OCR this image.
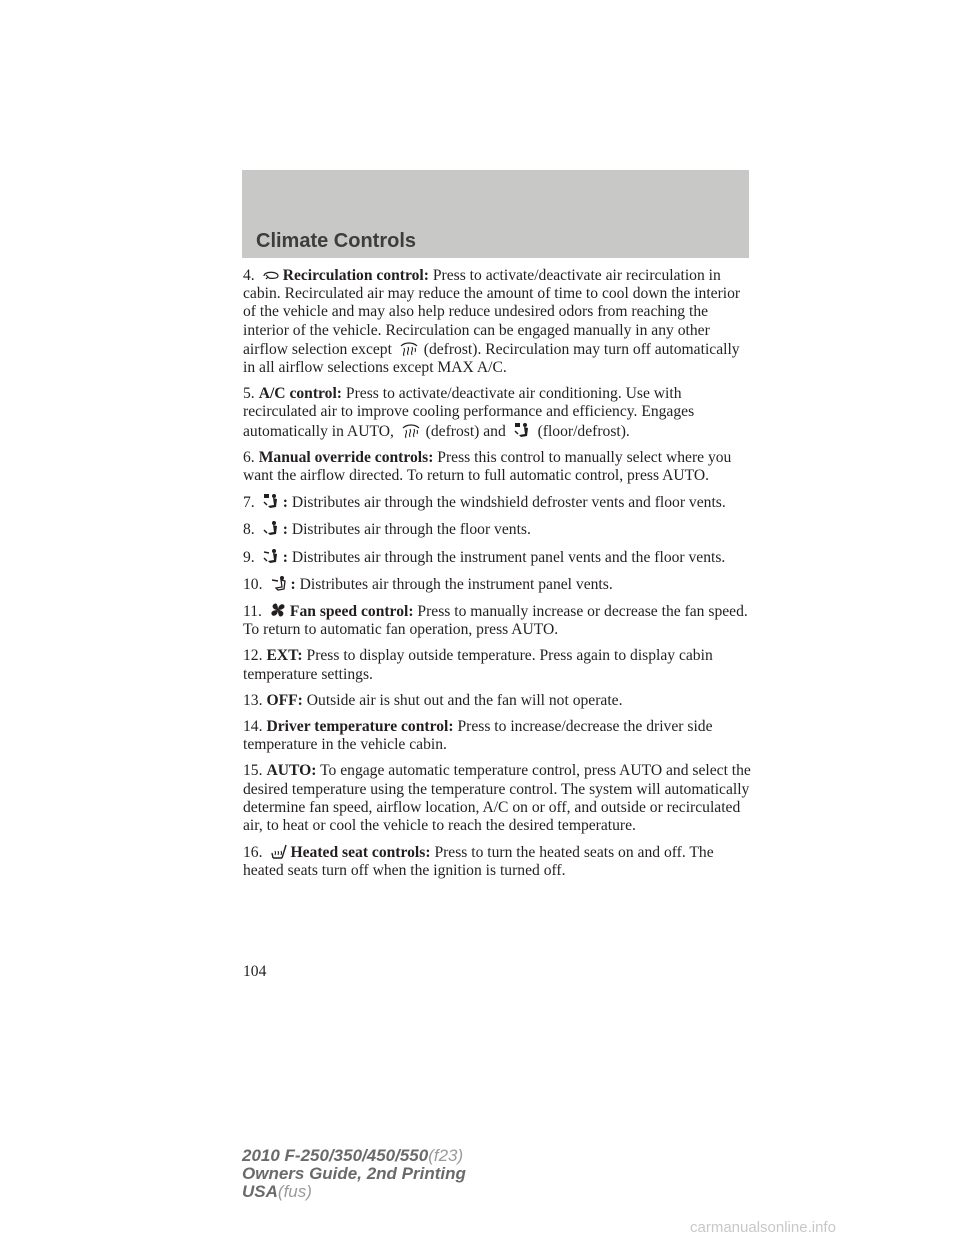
Climate Controls

4. Recirculation control: Press to activate/deactivate air recirculation in cabin. Recirculated air may reduce the amount of time to cool down the interior of the vehicle and may also help reduce undesired odors from reaching the interior of the vehicle. Recirculation can be engaged manually in any other airflow selection except (defrost). Recirculation may turn off automatically in all airflow selections except MAX A/C.

5. A/C control: Press to activate/deactivate air conditioning. Use with recirculated air to improve cooling performance and efficiency. Engages automatically in AUTO, (defrost) and (floor/defrost).

6. Manual override controls: Press this control to manually select where you want the airflow directed. To return to full automatic control, press AUTO.

7. : Distributes air through the windshield defroster vents and floor vents.

8. : Distributes air through the floor vents.

9. : Distributes air through the instrument panel vents and the floor vents.

10. : Distributes air through the instrument panel vents.

11. Fan speed control: Press to manually increase or decrease the fan speed. To return to automatic fan operation, press AUTO.

12. EXT: Press to display outside temperature. Press again to display cabin temperature settings.

13. OFF: Outside air is shut out and the fan will not operate.

14. Driver temperature control: Press to increase/decrease the driver side temperature in the vehicle cabin.

15. AUTO: To engage automatic temperature control, press AUTO and select the desired temperature using the temperature control. The system will automatically determine fan speed, airflow location, A/C on or off, and outside or recirculated air, to heat or cool the vehicle to reach the desired temperature.

16. Heated seat controls: Press to turn the heated seats on and off. The heated seats turn off when the ignition is turned off.

104
2010 F-250/350/450/550(f23)
Owners Guide, 2nd Printing
USA(fus)
carmanualsonline.info
